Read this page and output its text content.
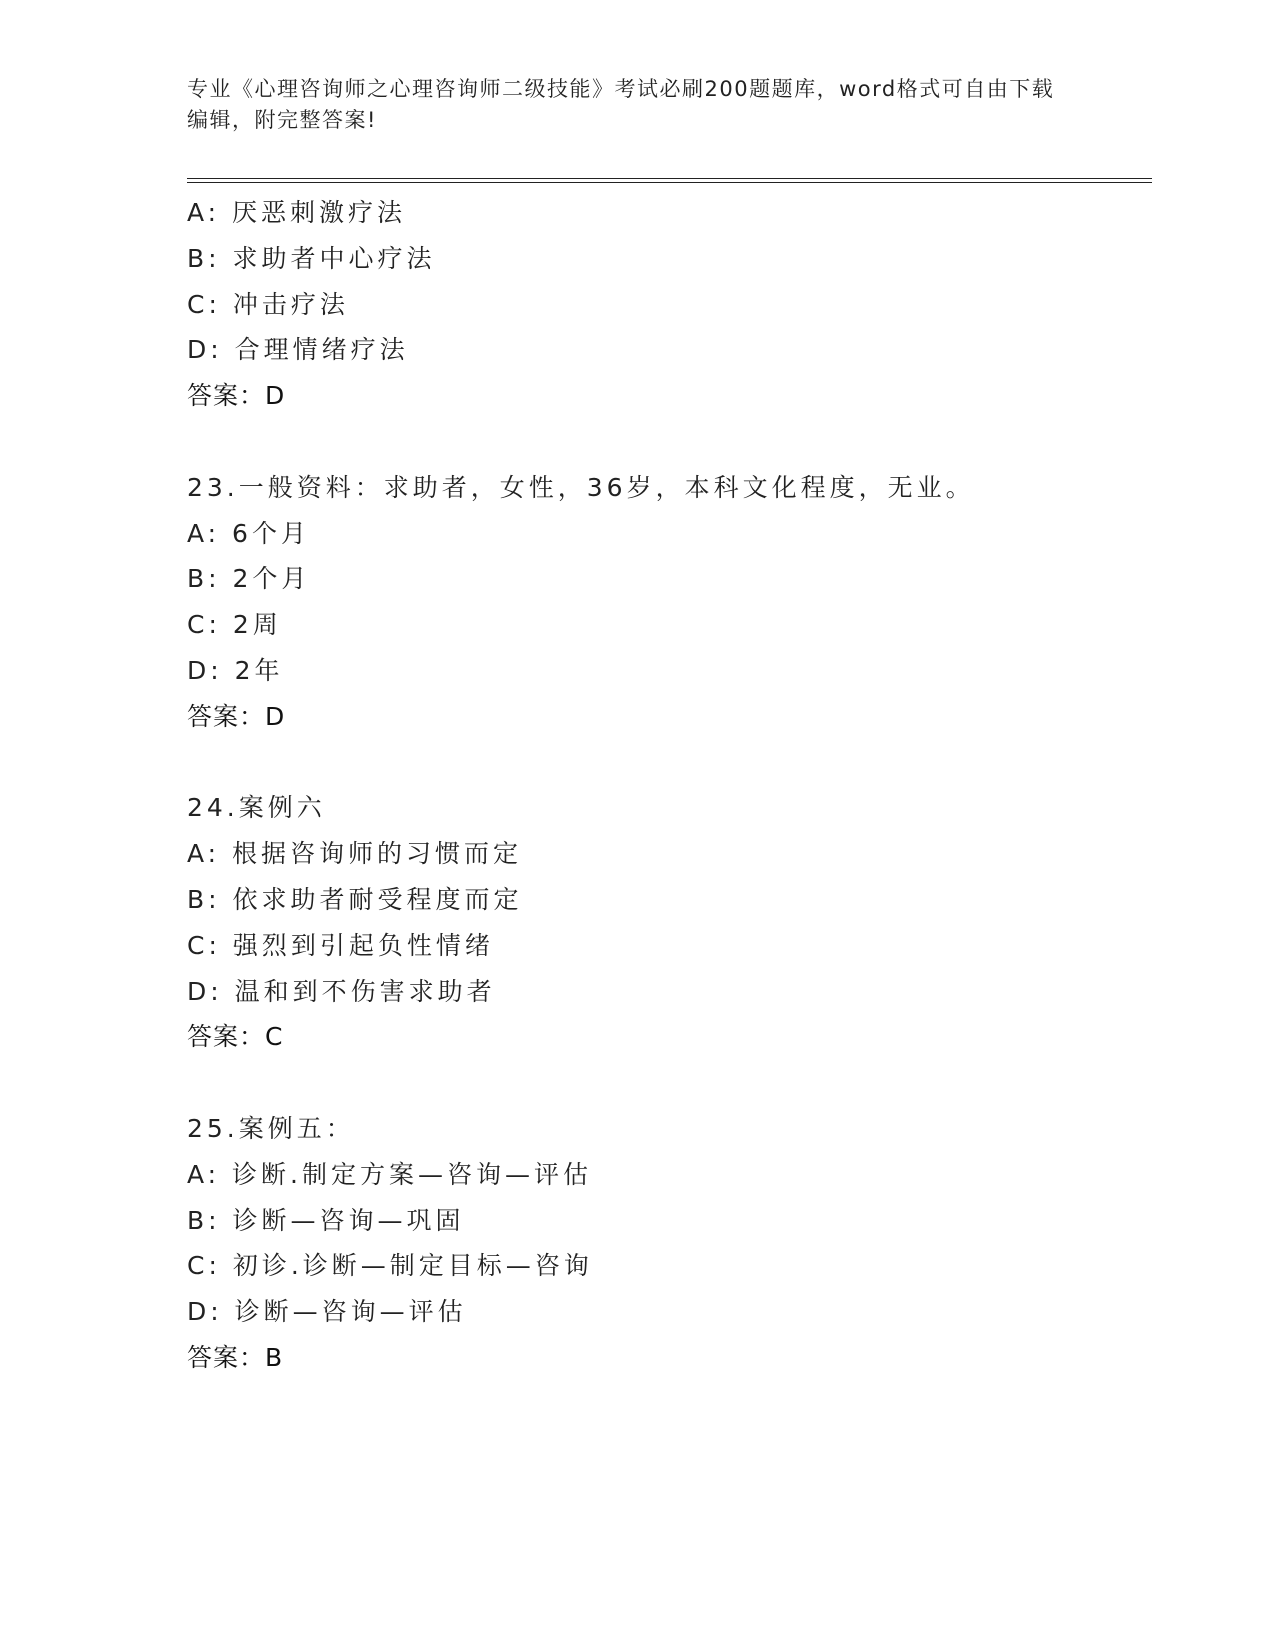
专业《心理咨询师之心理咨询师二级技能》考试必刷200题题库，word格式可自由下载编辑，附完整答案!
A: 厌恶刺激疗法
B: 求助者中心疗法
C: 冲击疗法
D: 合理情绪疗法
答案：D
23.一般资料：求助者，女性，36岁，本科文化程度，无业。
A: 6个月
B: 2个月
C: 2周
D: 2年
答案：D
24.案例六
A: 根据咨询师的习惯而定
B: 依求助者耐受程度而定
C: 强烈到引起负性情绪
D: 温和到不伤害求助者
答案：C
25.案例五：
A: 诊断.制定方案—咨询—评估
B: 诊断—咨询—巩固
C: 初诊.诊断—制定目标—咨询
D: 诊断—咨询—评估
答案：B
